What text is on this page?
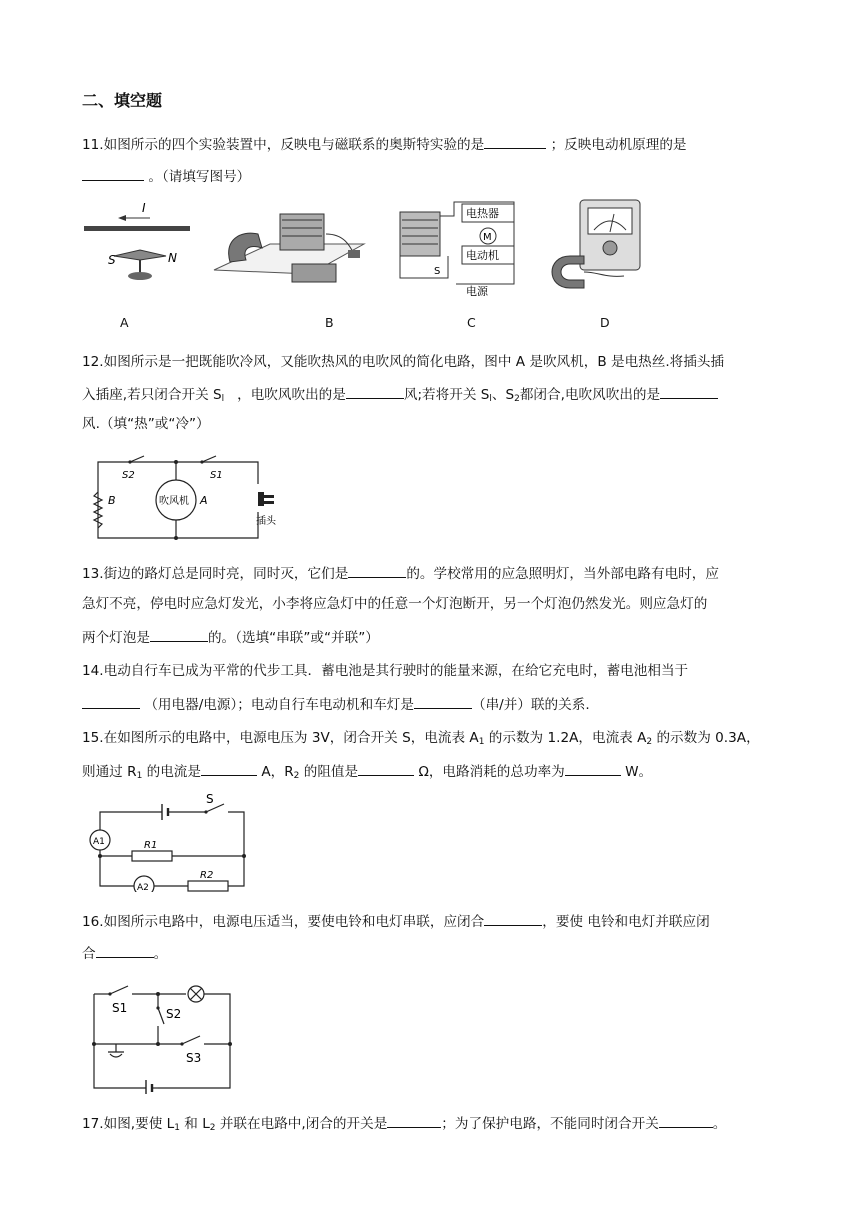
二、填空题
11.如图所示的四个实验装置中，反映电与磁联系的奥斯特实验的是	；反映电动机原理的是
。（请填写图号）
I
S	N
电热器
M
电动机
S
电源
A	B	C	D
12.如图所示是一把既能吹冷风，又能吹热风的电吹风的简化电路，图中 A 是吹风机，B 是电热丝.将插头插
入插座,若只闭合开关 $S_l$ ，电吹风吹出的是	风;若将开关 $S_l$、$S_2$都闭合,电吹风吹出的是
风.（填“热”或“冷”）
S2	S1
B	吹风机 A
插头
13.街边的路灯总是同时亮，同时灭，它们是	的。学校常用的应急照明灯，当外部电路有电时，应
急灯不亮，停电时应急灯发光，小李将应急灯中的任意一个灯泡断开，另一个灯泡仍然发光。则应急灯的
两个灯泡是	的。（选填“串联”或“并联”）
14.电动自行车已成为平常的代步工具．蓄电池是其行驶时的能量来源，在给它充电时，蓄电池相当于
（用电器/电源）；电动自行车电动机和车灯是	（串/并）联的关系.
15.在如图所示的电路中，电源电压为 3V，闭合开关 S，电流表 $A_1$ 的示数为 1.2A，电流表 $A_2$ 的示数为 0.3A，
则通过 $R_1$ 的电流是	A，$R_2$ 的阻值是	Ω，电路消耗的总功率为	W。
S
A1	R1
A2
R2
16.如图所示电路中，电源电压适当，要使电铃和电灯串联，应闭合	，要使 电铃和电灯并联应闭
合	。
S1	S2
S3
17.如图,要使 $L_1$ 和 $L_2$ 并联在电路中,闭合的开关是	；为了保护电路，不能同时闭合开关	。
